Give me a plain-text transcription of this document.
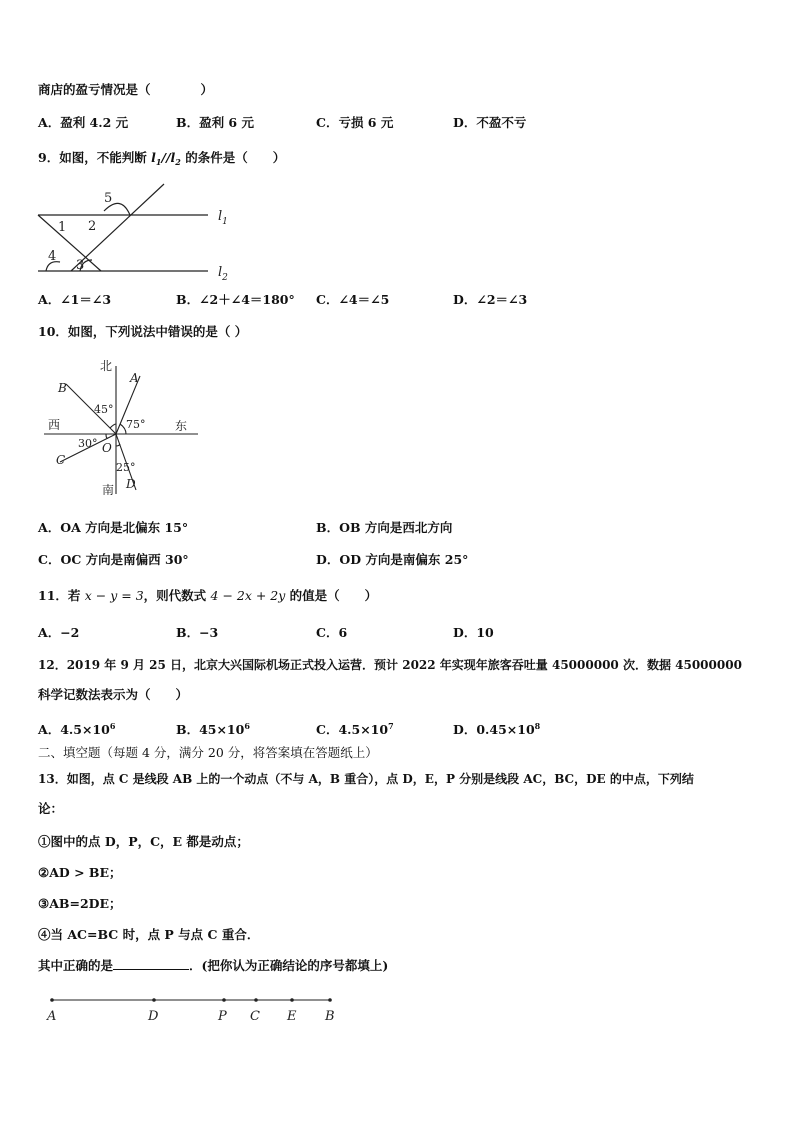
商店的盈亏情况是（　　　　）
A．盈利 4.2 元	B．盈利 6 元	C．亏损 6 元	D．不盈不亏
9．如图，不能判断 $l_1//l_2$ 的条件是（　　）
5
1 2
4
3
$l_1$
$l_2$
A．∠1＝∠3	B．∠2＋∠4＝180° C．∠4＝∠5	D．∠2＝∠3
10．如图，下列说法中错误的是（ ）
北
南
西	东
A
B
C
D
O
45°
75°
30°
25°
A．OA 方向是北偏东 15°	B．OB 方向是西北方向
C．OC 方向是南偏西 30°	D．OD 方向是南偏东 25°
11．若 x − y = 3，则代数式 4 − 2x + 2y 的值是（　　）
A．−2	B．−3	C．6	D．10
12．2019 年 9 月 25 日，北京大兴国际机场正式投入运营．预计 2022 年实现年旅客吞吐量 45000000 次．数据 45000000
科学记数法表示为（　　）
A．$4.5\times 10^6$	B．$45\times 10^6$	C．$4.5\times 10^7$	D．$0.45\times 10^8$
二、填空题（每题 4 分，满分 20 分，将答案填在答题纸上）
13．如图，点 C 是线段 AB 上的一个动点（不与 A，B 重合），点 D，E，P 分别是线段 AC，BC，DE 的中点，下列结
论：
①图中的点 D，P，C，E 都是动点；
②AD > BE；
③AB=2DE；
④当 AC=BC 时，点 P 与点 C 重合．
其中正确的是	．(把你认为正确结论的序号都填上)
A	D	P C E B
